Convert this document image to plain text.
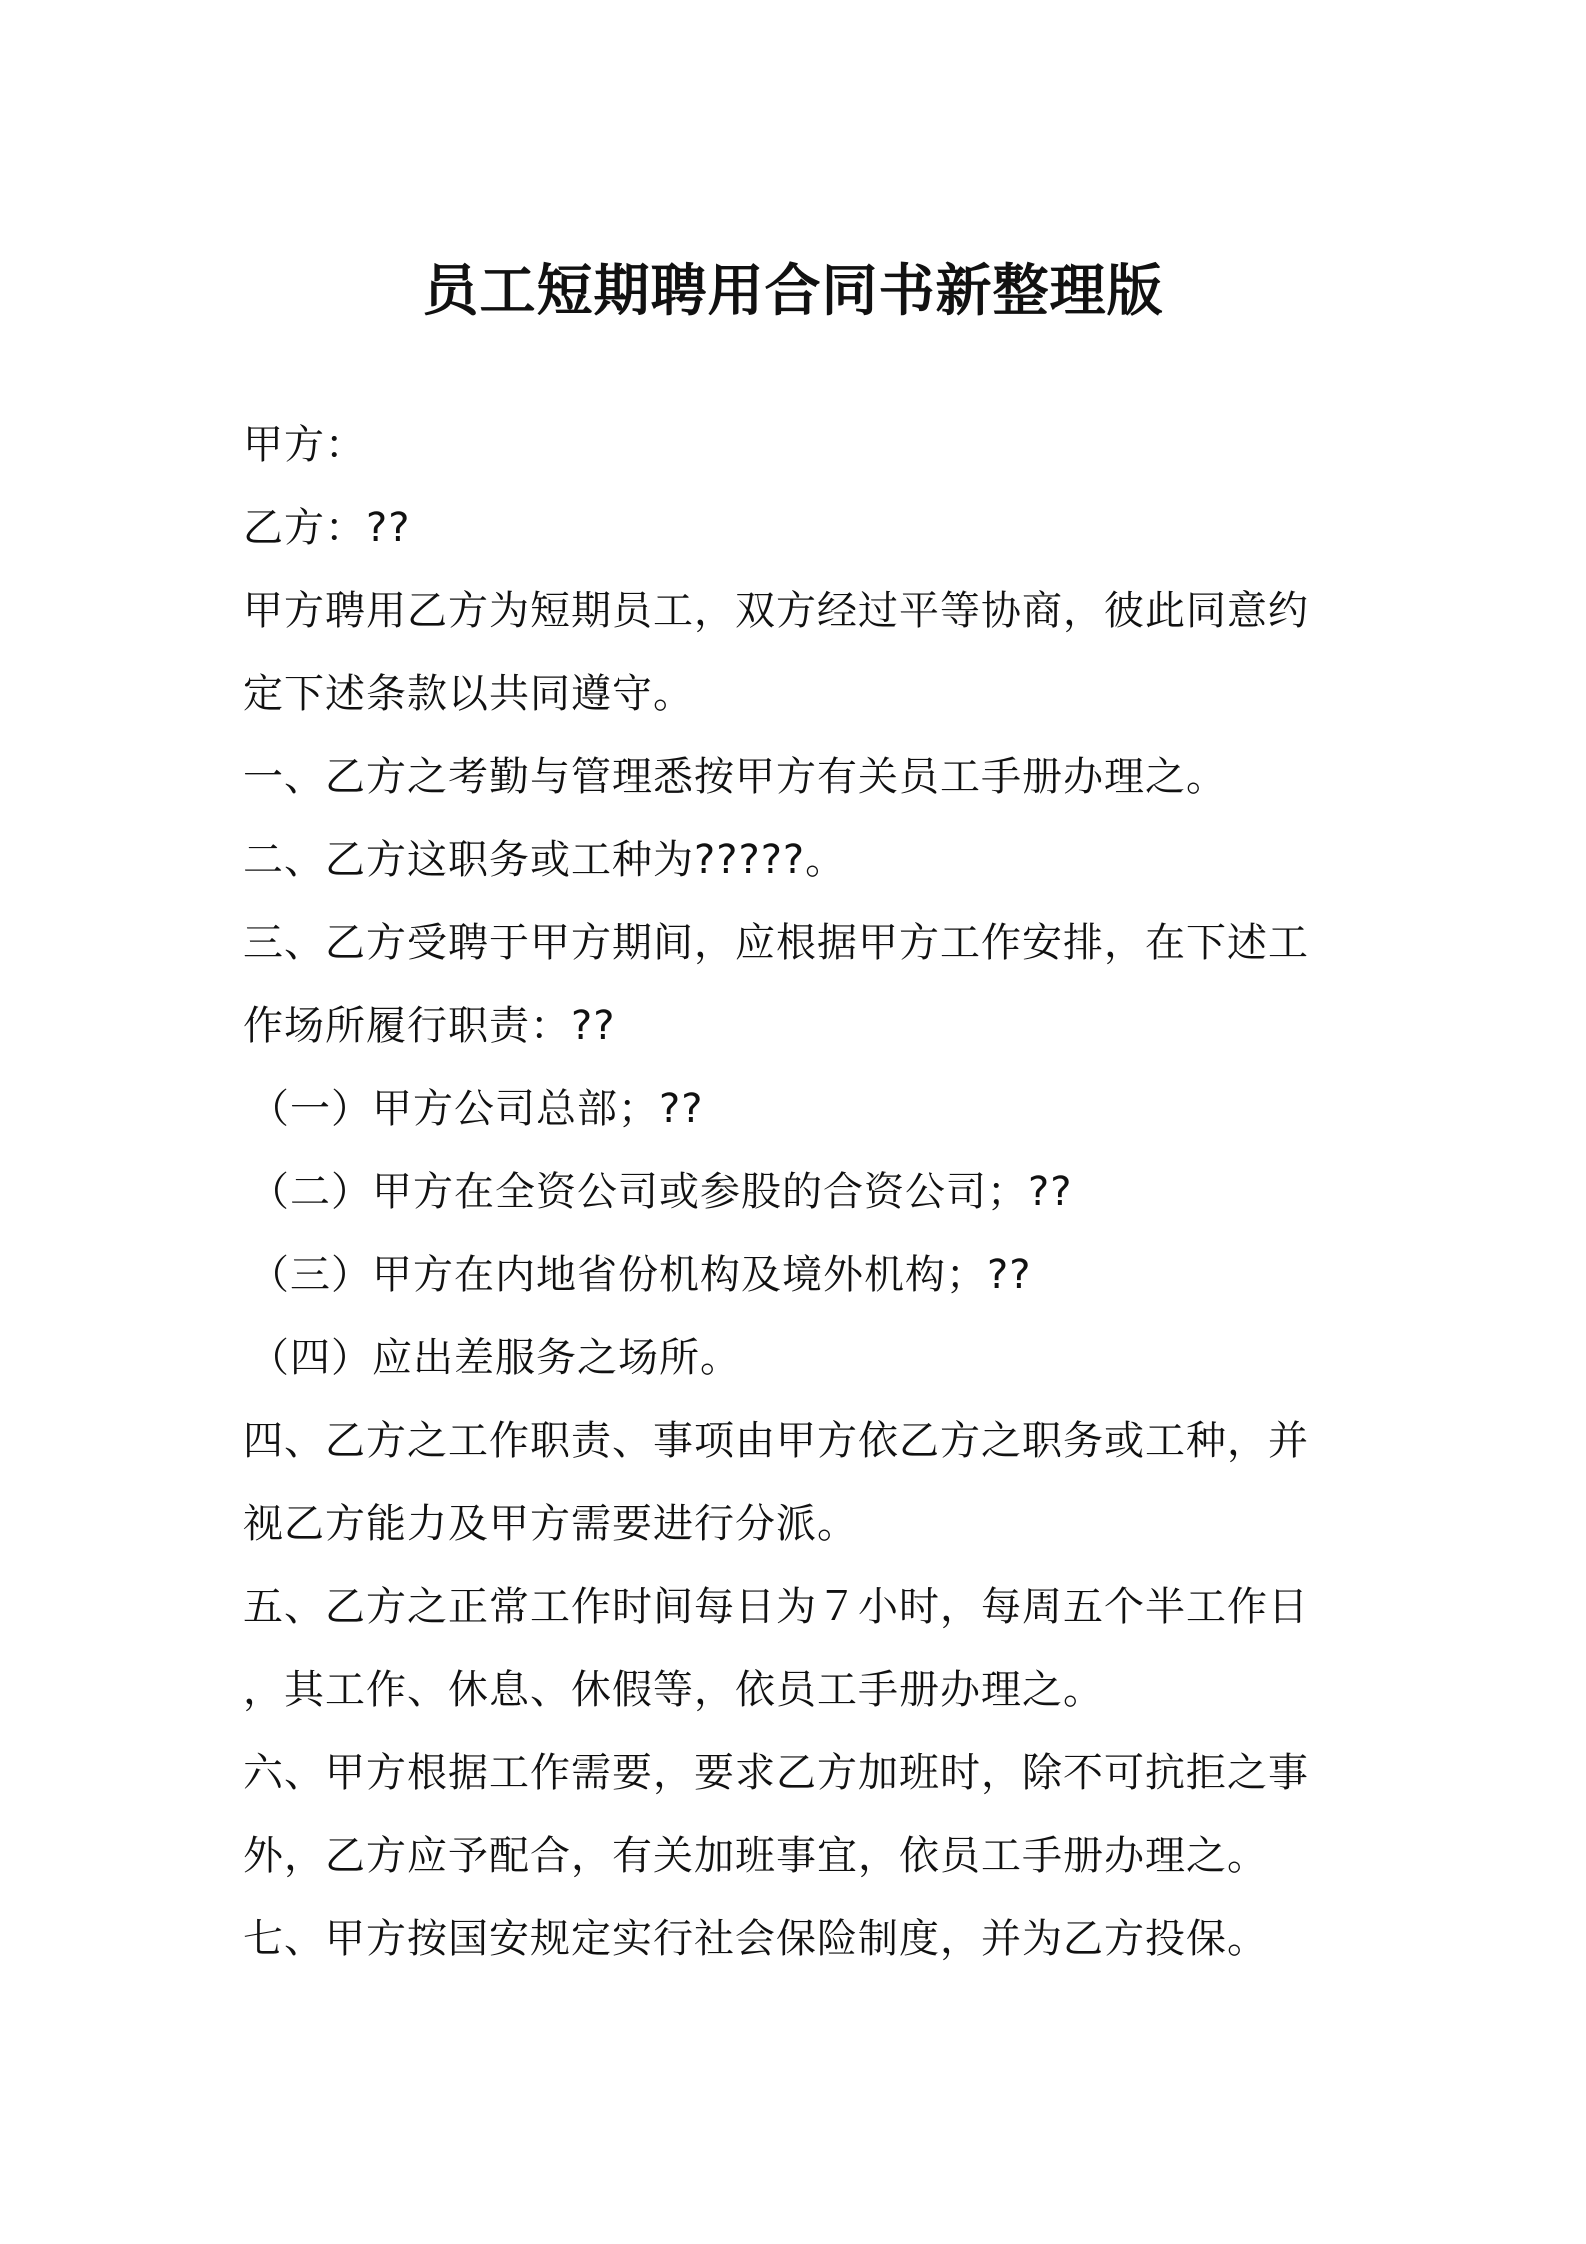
员工短期聘用合同书新整理版
甲方：
乙方：??
甲方聘用乙方为短期员工，双方经过平等协商，彼此同意约
定下述条款以共同遵守。
一、乙方之考勤与管理悉按甲方有关员工手册办理之。
二、乙方这职务或工种为?????。
三、乙方受聘于甲方期间，应根据甲方工作安排，在下述工
作场所履行职责：??
（一）甲方公司总部；??
（二）甲方在全资公司或参股的合资公司；??
（三）甲方在内地省份机构及境外机构；??
（四）应出差服务之场所。
四、乙方之工作职责、事项由甲方依乙方之职务或工种，并
视乙方能力及甲方需要进行分派。
五、乙方之正常工作时间每日为７小时，每周五个半工作日
，其工作、休息、休假等，依员工手册办理之。
六、甲方根据工作需要，要求乙方加班时，除不可抗拒之事
外，乙方应予配合，有关加班事宜，依员工手册办理之。
七、甲方按国安规定实行社会保险制度，并为乙方投保。
